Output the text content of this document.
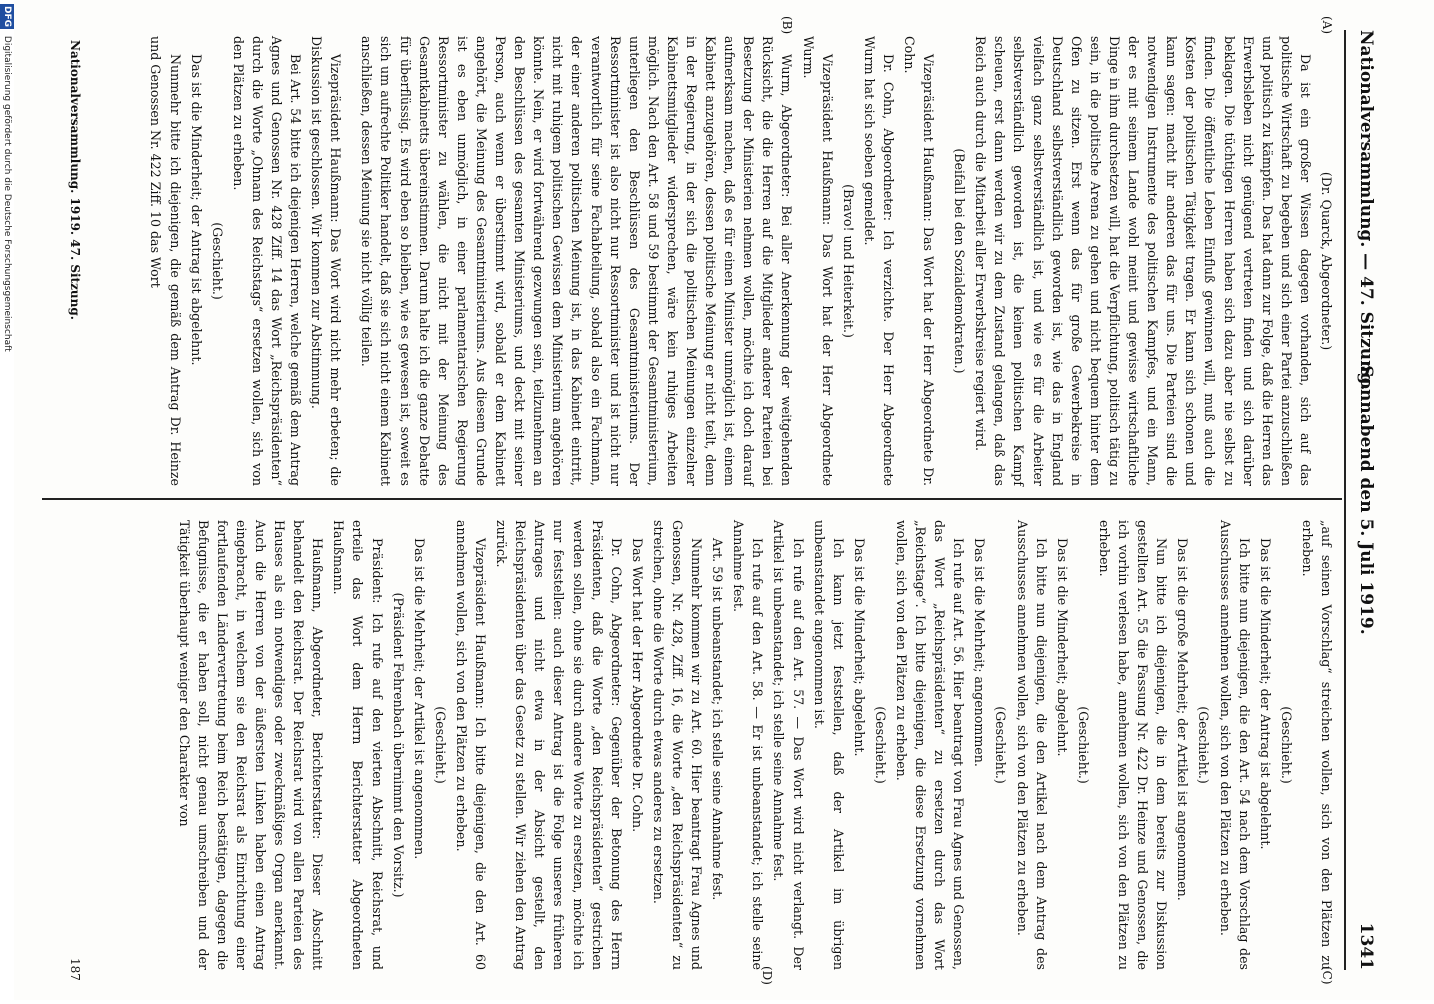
Nationalversammlung. — 47. Sitzung.
Sonnabend den 5. Juli 1919.
1341
(A)
(B)
(C)
(D)

(Dr. Quarck, Abgeordneter.)

Da ist ein großer Wissen dagegen vorhanden, sich auf das politische Wirtschaft zu begeben und sich einer Partei anzuschließen und politisch zu kämpfen. Das hat dann zur Folge, daß die Herren das Erwerbsleben nicht genügend vertreten finden und sich darüber beklagen. Die tüchtigen Herren haben sich dazu aber nie selbst zu finden. Die öffentliche Leben Einfluß gewinnen will, muß auch die Kosten der politischen Tätigkeit tragen. Er kann sich schonen und kann sagen: macht ihr anderen das für uns. Die Parteien sind die notwendigen Instrumente des politischen Kampfes, und ein Mann, der es mit seinem Lande wohl meint und gewisse wirtschaftliche Dinge in ihm durchsetzen will, hat die Verpflichtung, politisch tätig zu sein, in die politische Arena zu gehen und nicht bequem hinter dem Ofen zu sitzen. Erst wenn das für große Gewerbekreise in Deutschland selbstverständlich geworden ist, wie das in England vielfach ganz selbstverständlich ist, und wie es für die Arbeiter selbstverständlich geworden ist, die keinen politischen Kampf scheuen, erst dann werden wir zu dem Zustand gelangen, daß das Reich auch durch die Mitarbeit aller Erwerbskreise regiert wird.

(Beifall bei den Sozialdemokraten.)

Vizepräsident Haußmann: Das Wort hat der Herr Abgeordnete Dr. Cohn.

Dr. Cohn, Abgeordneter: Ich verzichte. Der Herr Abgeordnete Wurm hat sich soeben gemeldet.

(Bravo! und Heiterkeit.)

Vizepräsident Haußmann: Das Wort hat der Herr Abgeordnete Wurm.

Wurm, Abgeordneter: Bei aller Anerkennung der weitgehenden Rücksicht, die die Herren auf die Mitglieder anderer Parteien bei Besetzung der Ministerien nehmen wollen, möchte ich doch darauf aufmerksam machen, daß es für einen Minister unmöglich ist, einem Kabinett anzugehören, dessen politische Meinung er nicht teilt, denn in der Regierung, in der sich die politischen Meinungen einzelner Kabinettsmitglieder widersprechen, wäre kein ruhiges Arbeiten möglich. Nach den Art. 58 und 59 bestimmt der Gesamtministerium, unterliegen den Beschlüssen des Gesamtministeriums. Der Ressortminister ist also nicht nur Ressortminister und ist nicht nur verantwortlich für seine Fachabteilung, sobald also ein Fachmann, der einer anderen politischen Meinung ist, in das Kabinett eintritt, nicht mit ruhigem politischen Gewissen dem Ministerium angehören könnte. Nein, er wird fortwährend gezwungen sein, teilzunehmen an den Beschlüssen des gesamten Ministeriums, und deckt mit seiner Person, auch wenn er überstimmt wird, sobald er dem Kabinett angehört, die Meinung des Gesamtministeriums. Aus diesem Grunde ist es eben unmöglich, in einer parlamentarischen Regierung Ressortminister zu wählen, die nicht mit der Meinung des Gesamtkabinetts übereinstimmen. Darum halte ich die ganze Debatte für überflüssig. Es wird eben so bleiben, wie es gewesen ist, soweit es sich um aufrechte Politiker handelt, daß sie sich nicht einem Kabinett anschließen, dessen Meinung sie nicht völlig teilen.

Vizepräsident Haußmann: Das Wort wird nicht mehr erbeten; die Diskussion ist geschlossen. Wir kommen zur Abstimmung.

Bei Art. 54 bitte ich diejenigen Herren, welche gemäß dem Antrag Agnes und Genossen Nr. 428 Ziff. 14 das Wort „Reichspräsidenten“ durch die Worte „Ohnam des Reichstags“ ersetzen wollen, sich von den Plätzen zu erheben.

(Geschieht.)

Das ist die Minderheit; der Antrag ist abgelehnt.

Nunmehr bitte ich diejenigen, die gemäß dem Antrag Dr. Heinze und Genossen Nr. 422 Ziff. 10 das Wort

„auf seinen Vorschlag“ streichen wollen, sich von den Plätzen zu erheben.

(Geschieht.)

Das ist die Minderheit; der Antrag ist abgelehnt.

Ich bitte nun diejenigen, die den Art. 54 nach dem Vorschlag des Ausschusses annehmen wollen, sich von den Plätzen zu erheben.

(Geschieht.)

Das ist die große Mehrheit; der Artikel ist angenommen.

Nun bitte ich diejenigen, die in dem bereits zur Diskussion gestellten Art. 55 die Fassung Nr. 422 Dr. Heinze und Genossen, die ich vorhin verlesen habe, annehmen wollen, sich von den Plätzen zu erheben.

(Geschieht.)

Das ist die Minderheit; abgelehnt.

Ich bitte nun diejenigen, die den Artikel nach dem Antrag des Ausschusses annehmen wollen, sich von den Plätzen zu erheben.

(Geschieht.)

Das ist die Mehrheit; angenommen.

Ich rufe auf Art. 56. Hier beantragt von Frau Agnes und Genossen, das Wort „Reichspräsidenten“ zu ersetzen durch das Wort „Reichstage“. Ich bitte diejenigen, die diese Ersetzung vornehmen wollen, sich von den Plätzen zu erheben.

(Geschieht.)

Das ist die Minderheit; abgelehnt.

Ich kann jetzt feststellen, daß der Artikel im übrigen unbeanstandet angenommen ist.

Ich rufe auf den Art. 57. — Das Wort wird nicht verlangt. Der Artikel ist unbeanstandet; ich stelle seine Annahme fest.

Ich rufe auf den Art. 58. — Er ist unbeanstandet; ich stelle seine Annahme fest.

Art. 59 ist unbeanstandet; ich stelle seine Annahme fest.

Nunmehr kommen wir zu Art. 60. Hier beantragt Frau Agnes und Genossen, Nr. 428, Ziff. 16, die Worte „den Reichspräsidenten“ zu streichen, ohne die Worte durch etwas anderes zu ersetzen.

Das Wort hat der Herr Abgeordnete Dr. Cohn.

Dr. Cohn, Abgeordneter: Gegenüber der Betonung des Herrn Präsidenten, daß die Worte „den Reichspräsidenten“ gestrichen werden sollen, ohne sie durch andere Worte zu ersetzen, möchte ich nur feststellen: auch dieser Antrag ist die Folge unseres früheren Antrages und nicht etwa in der Absicht gestellt, den Reichspräsidenten über das Gesetz zu stellen. Wir ziehen den Antrag zurück.

Vizepräsident Haußmann: Ich bitte diejenigen, die den Art. 60 annehmen wollen, sich von den Plätzen zu erheben.

(Geschieht.)

Das ist die Mehrheit; der Artikel ist angenommen.

(Präsident Fehrenbach übernimmt den Vorsitz.)

Präsident: Ich rufe auf den vierten Abschnitt, Reichsrat, und erteile das Wort dem Herrn Berichterstatter Abgeordneten Haußmann.

Haußmann, Abgeordneter, Berichterstatter: Dieser Abschnitt behandelt den Reichsrat. Der Reichsrat wird von allen Parteien des Hauses als ein notwendiges oder zweckmäßiges Organ anerkannt. Auch die Herren von der äußersten Linken haben einen Antrag eingebracht, in welchem sie den Reichsrat als Einrichtung einer fortlaufenden Ländervertretung beim Reich bestätigen, dagegen die Befugnisse, die er haben soll, nicht genau umschreiben und der Tätigkeit überhaupt weniger den Charakter von

Nationalversammlung. 1919. 47. Sitzung.
187
DFG Digitalisierung gefördert durch die Deutsche Forschungsgemeinschaft
